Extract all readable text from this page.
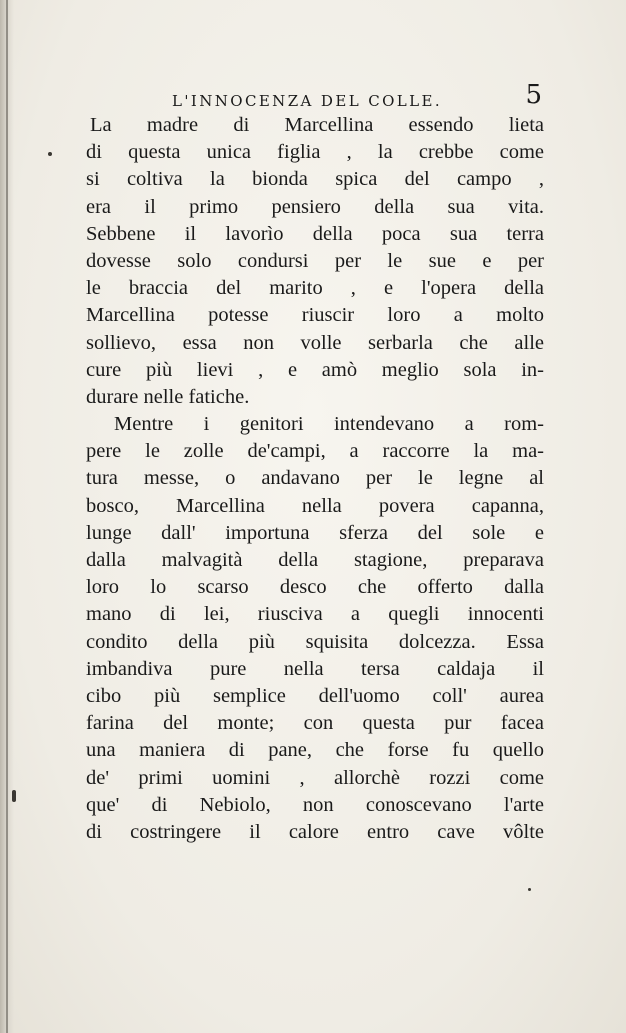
L'INNOCENZA DEL COLLE.	5
La madre di Marcellina essendo lieta
di questa unica figlia , la crebbe come
si coltiva la bionda spica del campo ,
era il primo pensiero della sua vita.
Sebbene il lavorìo della poca sua terra
dovesse solo condursi per le sue e per
le braccia del marito , e l'opera della
Marcellina potesse riuscir loro a molto
sollievo, essa non volle serbarla che alle
cure più lievi , e amò meglio sola in-
durare nelle fatiche.
Mentre i genitori intendevano a rom-
pere le zolle de'campi, a raccorre la ma-
tura messe, o andavano per le legne al
bosco, Marcellina nella povera capanna,
lunge dall' importuna sferza del sole e
dalla malvagità della stagione, preparava
loro lo scarso desco che offerto dalla
mano di lei, riusciva a quegli innocenti
condito della più squisita dolcezza. Essa
imbandiva pure nella tersa caldaja il
cibo più semplice dell'uomo coll' aurea
farina del monte; con questa pur facea
una maniera di pane, che forse fu quello
de' primi uomini , allorchè rozzi come
que' di Nebiolo, non conoscevano l'arte
di costringere il calore entro cave vôlte
